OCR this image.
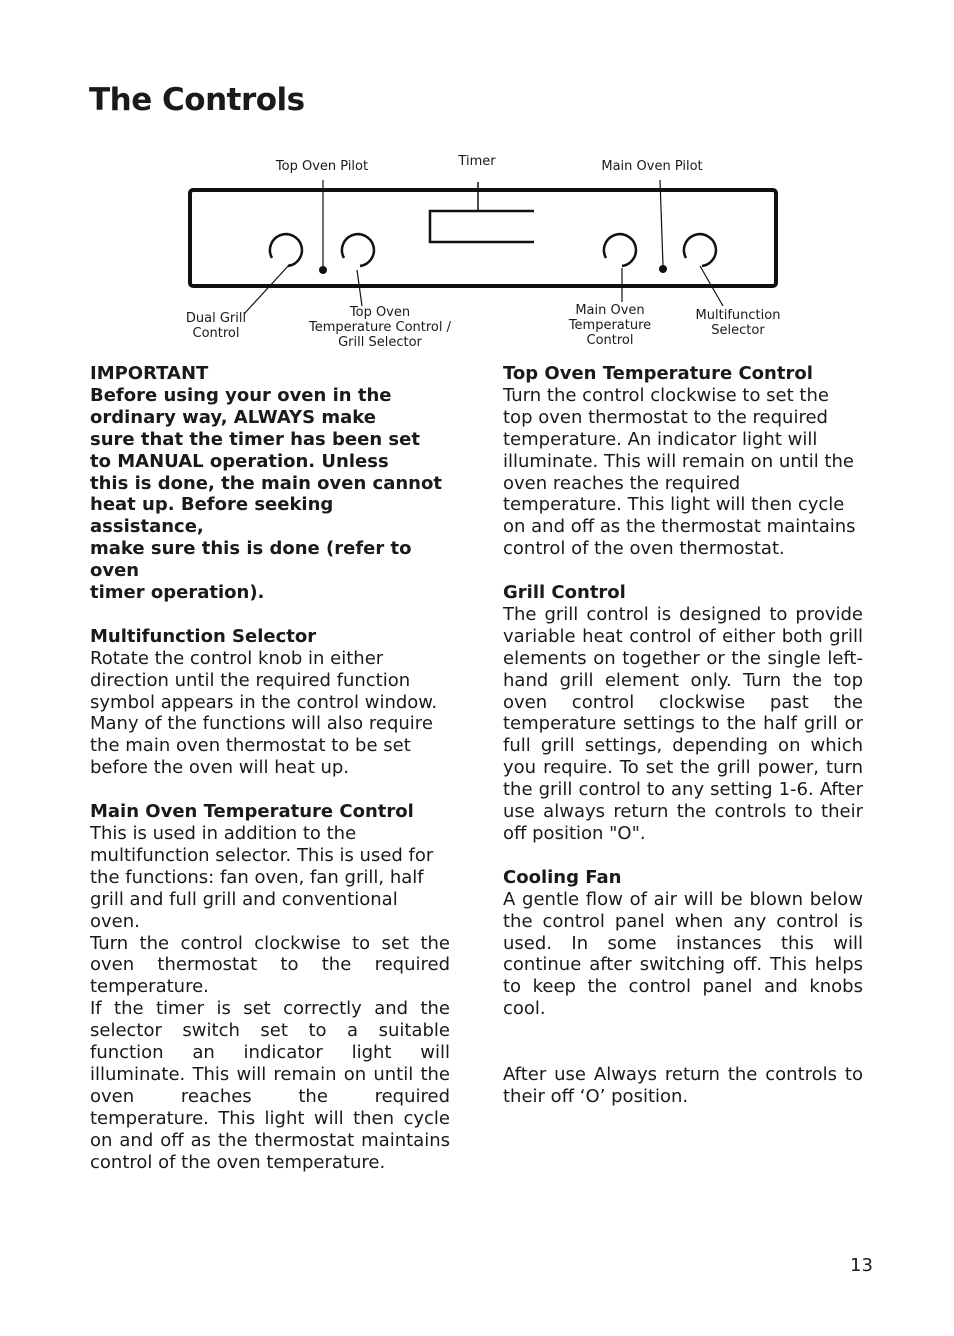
The Controls
Top Oven Pilot	Timer	Main Oven Pilot
Dual Grill
Control
Top Oven
Temperature Control /
Grill Selector
Main Oven
Temperature
Control
Multifunction
Selector

IMPORTANT

Before using your oven in the
ordinary way, ALWAYS make
sure that the timer has been set
to MANUAL operation. Unless
this is done, the main oven cannot
heat up. Before seeking assistance,
make sure this is done (refer to oven
timer operation).

Multifunction Selector

Rotate the control knob in either direction until the required function symbol appears in the control window. Many of the functions will also require the main oven thermostat to be set before the oven will heat up.

Main Oven Temperature Control

This is used in addition to the multifunction selector. This is used for the functions: fan oven, fan grill, half grill and full grill and conventional oven.

Turn the control clockwise to set the oven thermostat to the required temperature.

If the timer is set correctly and the selector switch set to a suitable function an indicator light will illuminate. This will remain on until the oven reaches the required temperature. This light will then cycle on and off as the thermostat maintains control of the oven temperature.

Top Oven Temperature Control

Turn the control clockwise to set the top oven thermostat to the required temperature. An indicator light will illuminate. This will remain on until the oven reaches the required temperature. This light will then cycle on and off as the thermostat maintains control of the oven thermostat.

Grill Control

The grill control is designed to provide variable heat control of either both grill elements on together or the single left-hand grill element only. Turn the top oven control clockwise past the temperature settings to the half grill or full grill settings, depending on which you require. To set the grill power, turn the grill control to any setting 1-6. After use always return the controls to their off position "O".

Cooling Fan

A gentle flow of air will be blown below the control panel when any control is used. In some instances this will continue after switching off. This helps to keep the control panel and knobs cool.

After use Always return the controls to their off ‘O’ position.

13
